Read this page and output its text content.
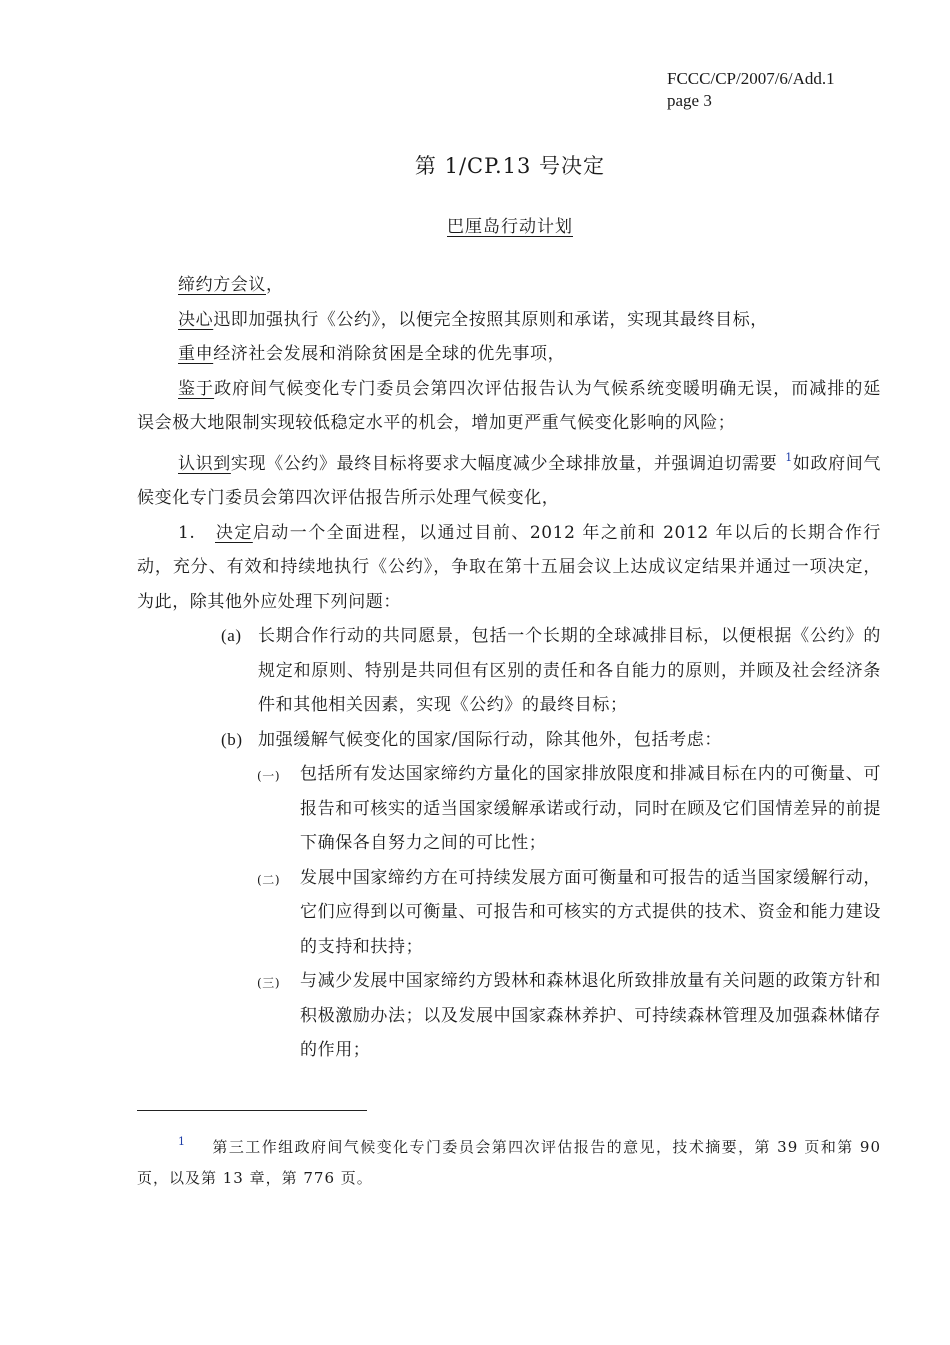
FCCC/CP/2007/6/Add.1
page 3
第 1/CP.13 号决定
巴厘岛行动计划

缔约方会议，

决心迅即加强执行《公约》，以便完全按照其原则和承诺，实现其最终目标，

重申经济社会发展和消除贫困是全球的优先事项，

鉴于政府间气候变化专门委员会第四次评估报告认为气候系统变暖明确无误，而减排的延误会极大地限制实现较低稳定水平的机会，增加更严重气候变化影响的风险；

认识到实现《公约》最终目标将要求大幅度减少全球排放量，并强调迫切需要 $^1$如政府间气候变化专门委员会第四次评估报告所示处理气候变化，

1. 决定启动一个全面进程，以通过目前、2012 年之前和 2012 年以后的长期合作行动，充分、有效和持续地执行《公约》，争取在第十五届会议上达成议定结果并通过一项决定，为此，除其他外应处理下列问题：

(a) 长期合作行动的共同愿景，包括一个长期的全球减排目标，以便根据《公约》的规定和原则、特别是共同但有区别的责任和各自能力的原则，并顾及社会经济条件和其他相关因素，实现《公约》的最终目标；

(b) 加强缓解气候变化的国家/国际行动，除其他外，包括考虑：

(一) 包括所有发达国家缔约方量化的国家排放限度和排减目标在内的可衡量、可报告和可核实的适当国家缓解承诺或行动，同时在顾及它们国情差异的前提下确保各自努力之间的可比性；

(二) 发展中国家缔约方在可持续发展方面可衡量和可报告的适当国家缓解行动，它们应得到以可衡量、可报告和可核实的方式提供的技术、资金和能力建设的支持和扶持；

(三) 与减少发展中国家缔约方毁林和森林退化所致排放量有关问题的政策方针和积极激励办法；以及发展中国家森林养护、可持续森林管理及加强森林储存的作用；

$^1$ 第三工作组政府间气候变化专门委员会第四次评估报告的意见，技术摘要，第 39 页和第 90 页，以及第 13 章，第 776 页。
